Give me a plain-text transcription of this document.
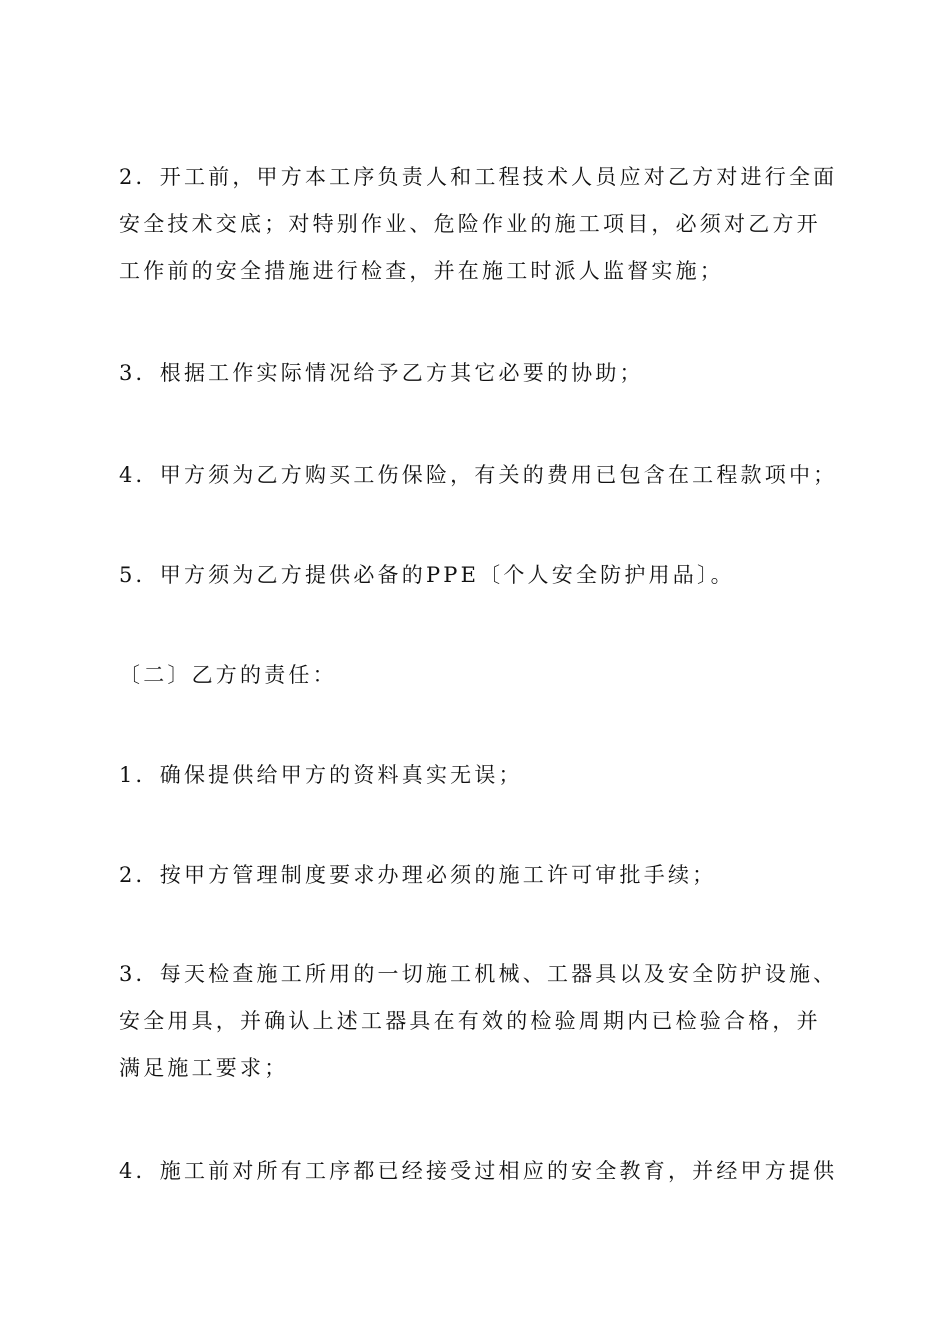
2．开工前，甲方本工序负责人和工程技术人员应对乙方对进行全面
安全技术交底；对特别作业、危险作业的施工项目，必须对乙方开
工作前的安全措施进行检查，并在施工时派人监督实施；

3．根据工作实际情况给予乙方其它必要的协助；

4．甲方须为乙方购买工伤保险，有关的费用已包含在工程款项中；

5．甲方须为乙方提供必备的PPE〔个人安全防护用品〕。

〔二〕乙方的责任：

1．确保提供给甲方的资料真实无误；

2．按甲方管理制度要求办理必须的施工许可审批手续；

3．每天检查施工所用的一切施工机械、工器具以及安全防护设施、
安全用具，并确认上述工器具在有效的检验周期内已检验合格，并
满足施工要求；

4．施工前对所有工序都已经接受过相应的安全教育，并经甲方提供
